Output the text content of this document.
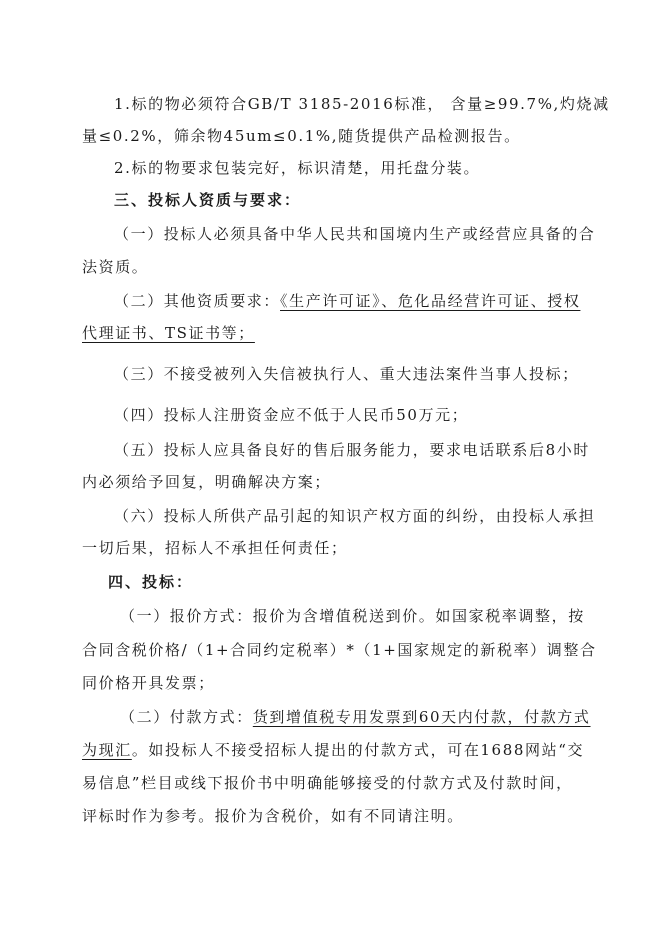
1.标的物必须符合GB/T 3185-2016标准， 含量≥99.7%,灼烧减
量≤0.2%，筛余物45um≤0.1%,随货提供产品检测报告。
2.标的物要求包装完好，标识清楚，用托盘分装。
三、投标人资质与要求：
（一）投标人必须具备中华人民共和国境内生产或经营应具备的合
法资质。
（二）其他资质要求：《生产许可证》、危化品经营许可证、授权
代理证书、TS证书等；
（三）不接受被列入失信被执行人、重大违法案件当事人投标；
（四）投标人注册资金应不低于人民币50万元；
（五）投标人应具备良好的售后服务能力，要求电话联系后8小时
内必须给予回复，明确解决方案；
（六）投标人所供产品引起的知识产权方面的纠纷，由投标人承担
一切后果，招标人不承担任何责任；
四、投标：
（一）报价方式：报价为含增值税送到价。如国家税率调整，按
合同含税价格/（1+合同约定税率）*（1+国家规定的新税率）调整合
同价格开具发票；
（二）付款方式：货到增值税专用发票到60天内付款，付款方式
为现汇。如投标人不接受招标人提出的付款方式，可在1688网站“交
易信息”栏目或线下报价书中明确能够接受的付款方式及付款时间，
评标时作为参考。报价为含税价，如有不同请注明。
